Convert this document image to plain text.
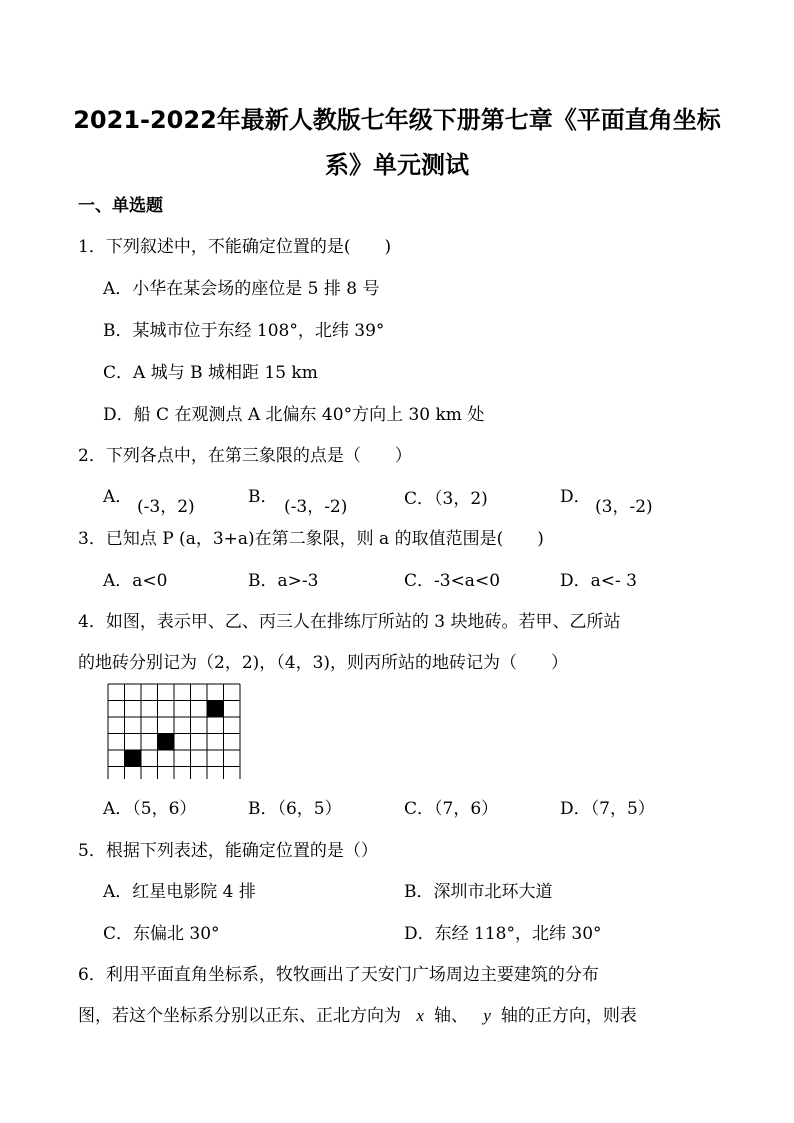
2021-2022年最新人教版七年级下册第七章《平面直角坐标
系》单元测试
一、单选题
1．下列叙述中，不能确定位置的是(　　)
A．小华在某会场的座位是 5 排 8 号
B．某城市位于东经 108°，北纬 39°
C．A 城与 B 城相距 15 km
D．船 C 在观测点 A 北偏东 40°方向上 30 km 处
2．下列各点中，在第三象限的点是（　　）
A． (-3，2)	B． (-3，-2)	C．（3，2)	D． (3，-2)
3．已知点 P (a，3+a)在第二象限，则 a 的取值范围是(　　)
A．a<0	B．a>-3	C．-3<a<0	D．a<- 3
4．如图，表示甲、乙、丙三人在排练厅所站的 3 块地砖。若甲、乙所站
的地砖分别记为（2，2)，（4，3)，则丙所站的地砖记为（　　）
A．（5，6）	B．（6，5）	C．（7，6）	D．（7，5）
5．根据下列表述，能确定位置的是（）
A．红星电影院 4 排	B．深圳市北环大道
C．东偏北 30°	D．东经 118°，北纬 30°
6．利用平面直角坐标系，牧牧画出了天安门广场周边主要建筑的分布
图，若这个坐标系分别以正东、正北方向为 x 轴、 y 轴的正方向，则表
